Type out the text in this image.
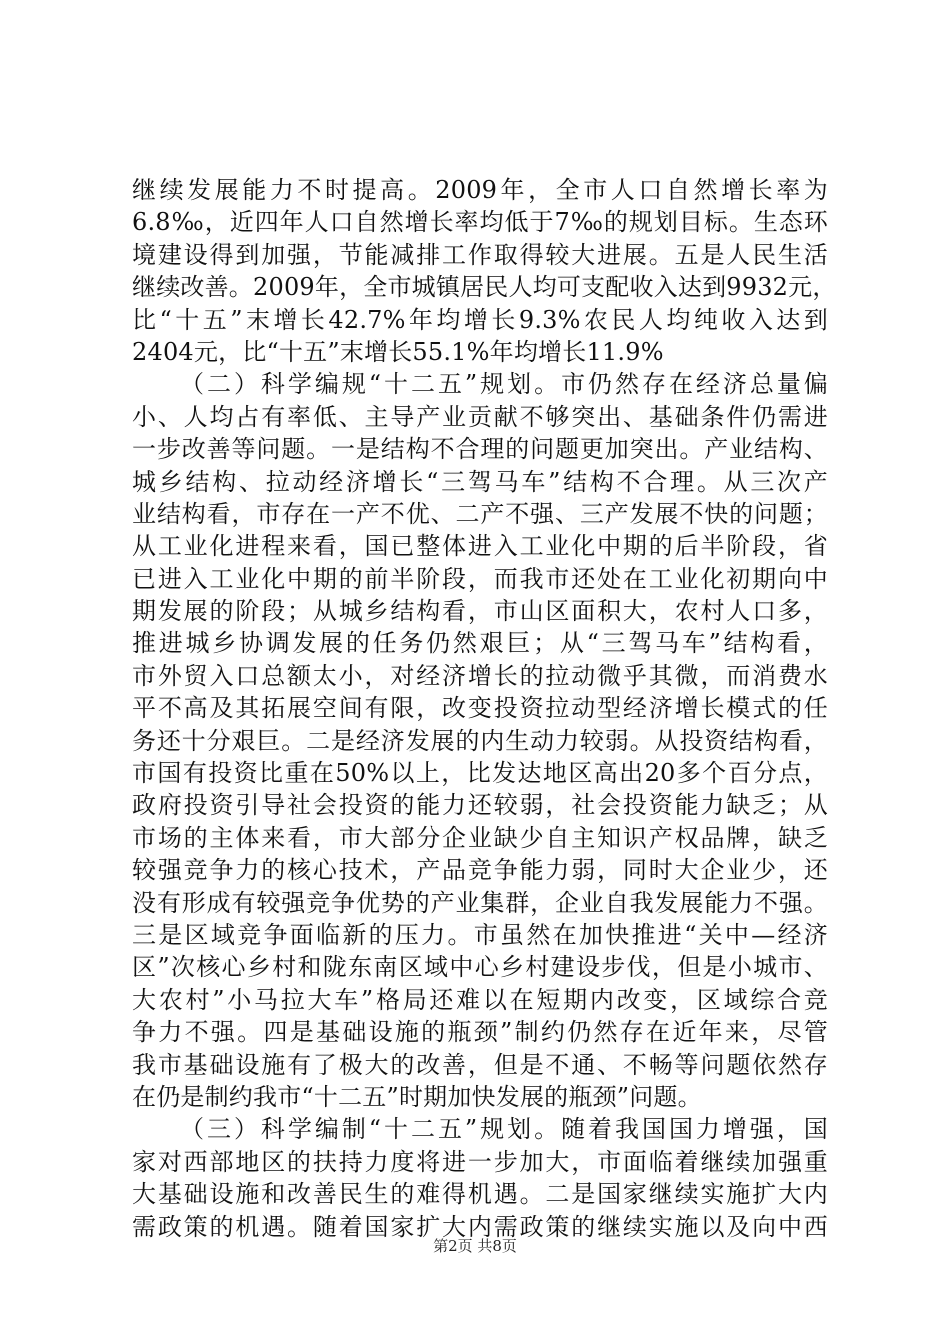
继续发展能力不时提高。2009年，全市人口自然增长率为
6.8‰，近四年人口自然增长率均低于7‰的规划目标。生态环
境建设得到加强，节能减排工作取得较大进展。五是人民生活
继续改善。2009年，全市城镇居民人均可支配收入达到9932元，
比“十五”末增长42.7%年均增长9.3%农民人均纯收入达到
2404元，比“十五”末增长55.1%年均增长11.9%
（二）科学编规“十二五”规划。市仍然存在经济总量偏
小、人均占有率低、主导产业贡献不够突出、基础条件仍需进
一步改善等问题。一是结构不合理的问题更加突出。产业结构、
城乡结构、拉动经济增长“三驾马车”结构不合理。从三次产
业结构看，市存在一产不优、二产不强、三产发展不快的问题；
从工业化进程来看，国已整体进入工业化中期的后半阶段，省
已进入工业化中期的前半阶段，而我市还处在工业化初期向中
期发展的阶段；从城乡结构看，市山区面积大，农村人口多，
推进城乡协调发展的任务仍然艰巨；从“三驾马车”结构看，
市外贸入口总额太小，对经济增长的拉动微乎其微，而消费水
平不高及其拓展空间有限，改变投资拉动型经济增长模式的任
务还十分艰巨。二是经济发展的内生动力较弱。从投资结构看，
市国有投资比重在50%以上，比发达地区高出20多个百分点，
政府投资引导社会投资的能力还较弱，社会投资能力缺乏；从
市场的主体来看，市大部分企业缺少自主知识产权品牌，缺乏
较强竞争力的核心技术，产品竞争能力弱，同时大企业少，还
没有形成有较强竞争优势的产业集群，企业自我发展能力不强。
三是区域竞争面临新的压力。市虽然在加快推进“关中—经济
区”次核心乡村和陇东南区域中心乡村建设步伐，但是小城市、
大农村”小马拉大车”格局还难以在短期内改变，区域综合竞
争力不强。四是基础设施的瓶颈”制约仍然存在近年来，尽管
我市基础设施有了极大的改善，但是不通、不畅等问题依然存
在仍是制约我市“十二五”时期加快发展的瓶颈”问题。
（三）科学编制“十二五”规划。随着我国国力增强，国
家对西部地区的扶持力度将进一步加大，市面临着继续加强重
大基础设施和改善民生的难得机遇。二是国家继续实施扩大内
需政策的机遇。随着国家扩大内需政策的继续实施以及向中西
第2页 共8页
